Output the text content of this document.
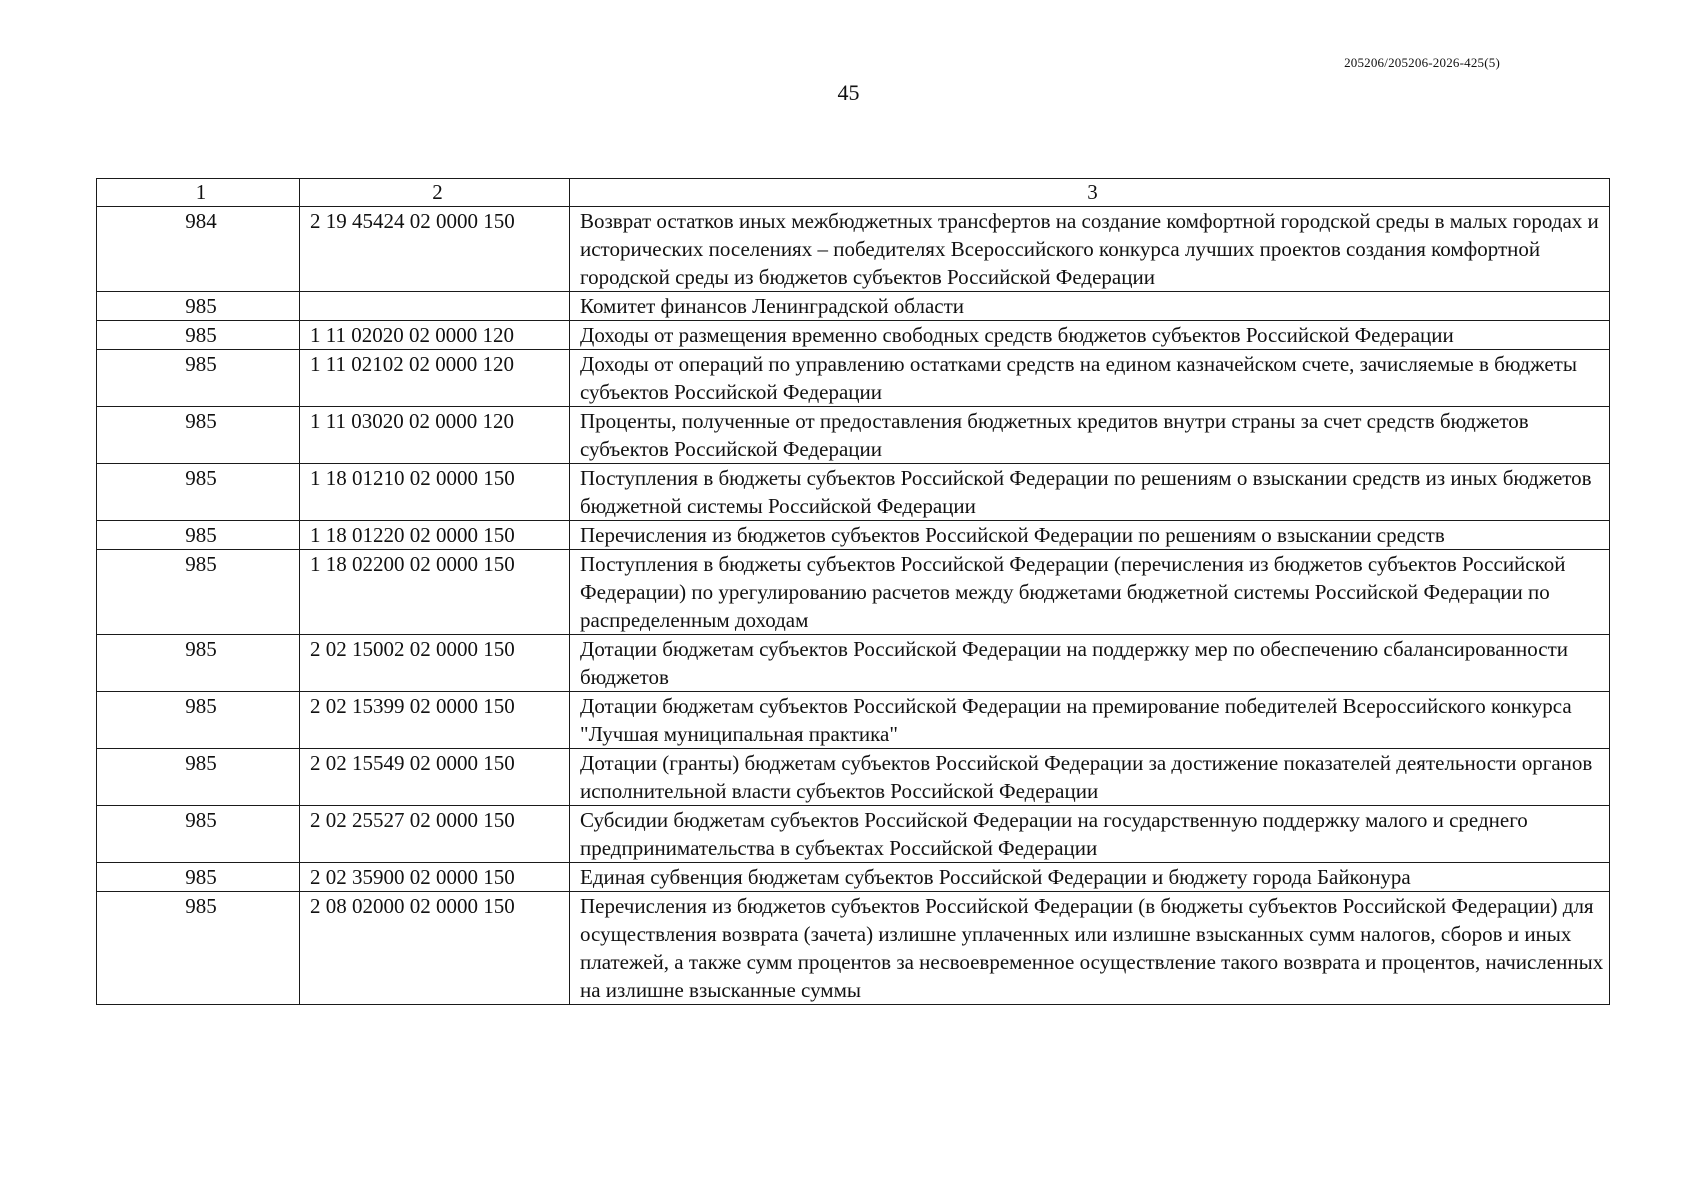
205206/205206-2026-425(5)
45
1	2	3
984	2 19 45424 02 0000 150	Возврат остатков иных межбюджетных трансфертов на создание комфортной городской среды в малых городах и исторических поселениях – победителях Всероссийского конкурса лучших проектов создания комфортной городской среды из бюджетов субъектов Российской Федерации
985		Комитет финансов Ленинградской области
985	1 11 02020 02 0000 120	Доходы от размещения временно свободных средств бюджетов субъектов Российской Федерации
985	1 11 02102 02 0000 120	Доходы от операций по управлению остатками средств на едином казначейском счете, зачисляемые в бюджеты субъектов Российской Федерации
985	1 11 03020 02 0000 120	Проценты, полученные от предоставления бюджетных кредитов внутри страны за счет средств бюджетов субъектов Российской Федерации
985	1 18 01210 02 0000 150	Поступления в бюджеты субъектов Российской Федерации по решениям о взыскании средств из иных бюджетов бюджетной системы Российской Федерации
985	1 18 01220 02 0000 150	Перечисления из бюджетов субъектов Российской Федерации по решениям о взыскании средств
985	1 18 02200 02 0000 150	Поступления в бюджеты субъектов Российской Федерации (перечисления из бюджетов субъектов Российской Федерации) по урегулированию расчетов между бюджетами бюджетной системы Российской Федерации по распределенным доходам
985	2 02 15002 02 0000 150	Дотации бюджетам субъектов Российской Федерации на поддержку мер по обеспечению сбалансированности бюджетов
985	2 02 15399 02 0000 150	Дотации бюджетам субъектов Российской Федерации на премирование победителей Всероссийского конкурса "Лучшая муниципальная практика"
985	2 02 15549 02 0000 150	Дотации (гранты) бюджетам субъектов Российской Федерации за достижение показателей деятельности органов исполнительной власти субъектов Российской Федерации
985	2 02 25527 02 0000 150	Субсидии бюджетам субъектов Российской Федерации на государственную поддержку малого и среднего предпринимательства в субъектах Российской Федерации
985	2 02 35900 02 0000 150	Единая субвенция бюджетам субъектов Российской Федерации и бюджету города Байконура
985	2 08 02000 02 0000 150	Перечисления из бюджетов субъектов Российской Федерации (в бюджеты субъектов Российской Федерации) для осуществления возврата (зачета) излишне уплаченных или излишне взысканных сумм налогов, сборов и иных платежей, а также сумм процентов за несвоевременное осуществление такого возврата и процентов, начисленных на излишне взысканные суммы
